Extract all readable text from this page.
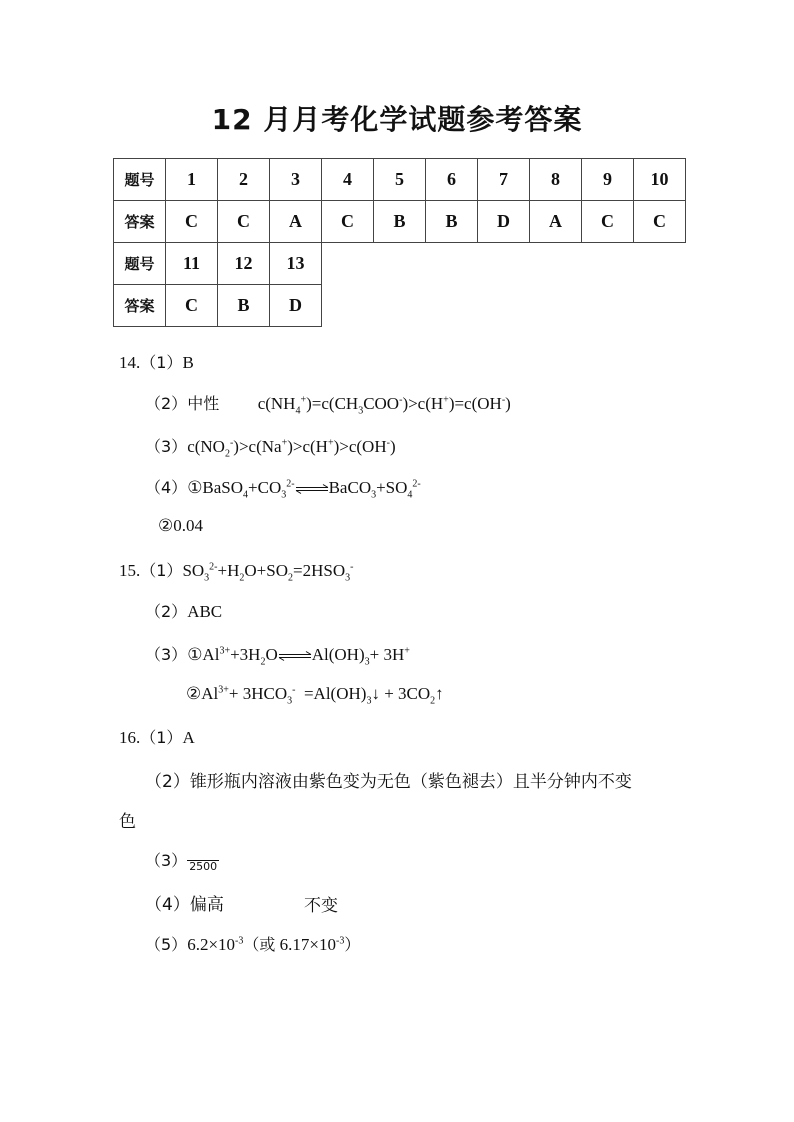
12 月月考化学试题参考答案
题号	1	2	3	4	5	6	7	8	9	10
答案	C	C	A	C	B	B	D	A	C	C
题号	11	12	13							
答案	C	B	D							
14.（1）B
（2）中性 $c(NH_4^+)=c(CH_3COO^-)>c(H^+)=c(OH^-)$
$(3)c(NO_2^-)>c(Na^+)>c(H^+)>c(OH^-)$
$(4)①BaSO_4+CO_3^{2-}\rightleftharpoons BaCO_3+SO_4^{2-}$
②0.04
$15.(1)SO_3^{2-}+H_2O+SO_2=2HSO_3^-$
（2）ABC
$(3)①Al^{3+}+3H_2O\rightleftharpoons Al(OH)_3+ 3H^+$
$②Al^{3+}+ 3HCO_3^-$  $=Al(OH)_3↓$ + $3CO_2↑$
16.（1）A
（2）锥形瓶内溶液由紫色变为无色（紫色褪去）且半分钟内不变
色
（3） 2500
（4）偏高	不变
$(5)6.2\times 10^{-3}$（或 $6.17\times 10^{-3}$）
